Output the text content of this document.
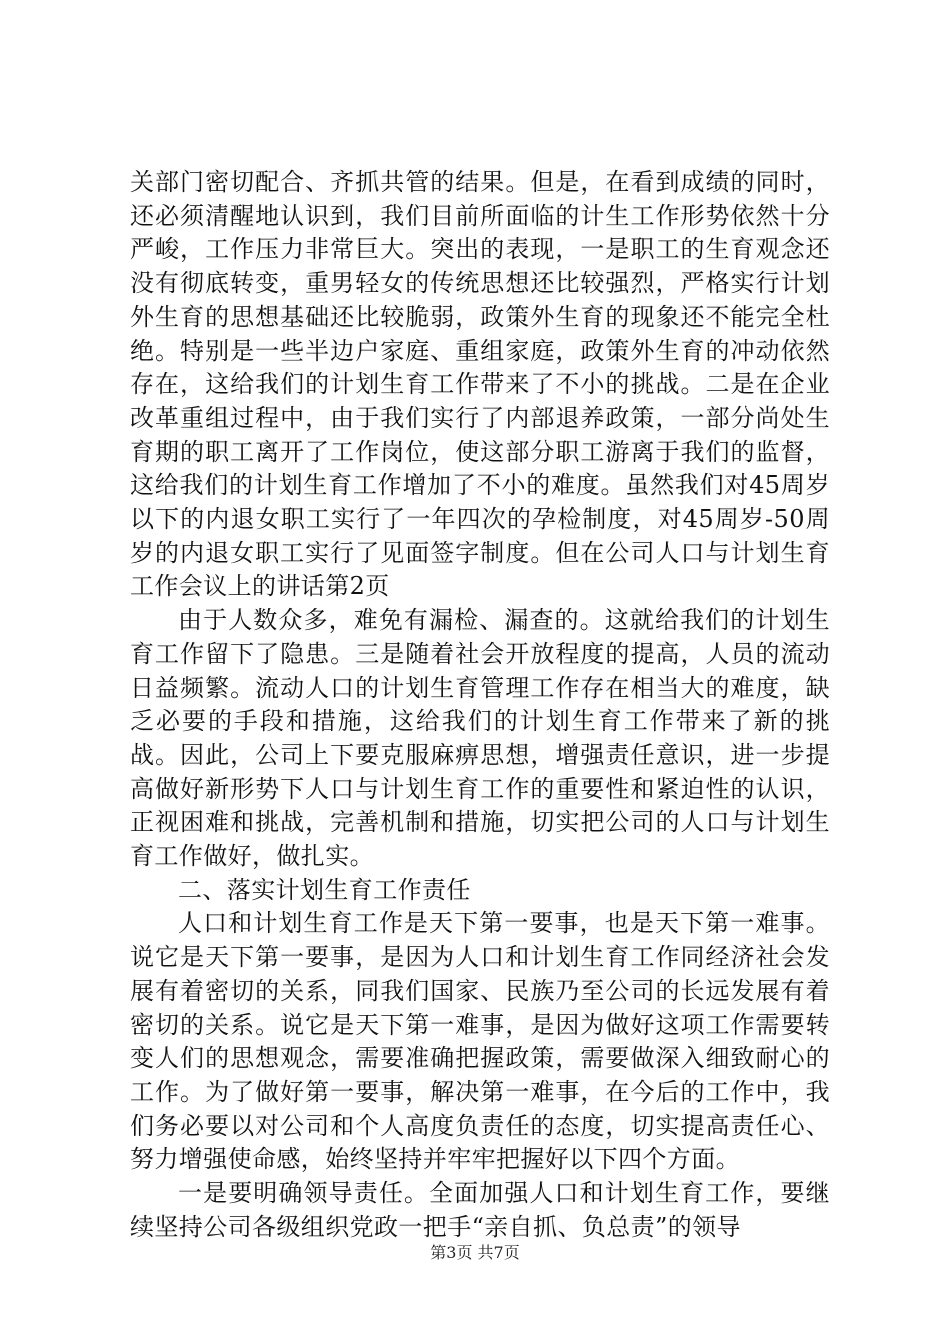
关部门密切配合、齐抓共管的结果。但是，在看到成绩的同时，还必须清醒地认识到，我们目前所面临的计生工作形势依然十分严峻，工作压力非常巨大。突出的表现，一是职工的生育观念还没有彻底转变，重男轻女的传统思想还比较强烈，严格实行计划外生育的思想基础还比较脆弱，政策外生育的现象还不能完全杜绝。特别是一些半边户家庭、重组家庭，政策外生育的冲动依然存在，这给我们的计划生育工作带来了不小的挑战。二是在企业改革重组过程中，由于我们实行了内部退养政策，一部分尚处生育期的职工离开了工作岗位，使这部分职工游离于我们的监督，这给我们的计划生育工作增加了不小的难度。虽然我们对45周岁以下的内退女职工实行了一年四次的孕检制度，对45周岁-50周岁的内退女职工实行了见面签字制度。但在公司人口与计划生育工作会议上的讲话第2页

由于人数众多，难免有漏检、漏查的。这就给我们的计划生育工作留下了隐患。三是随着社会开放程度的提高，人员的流动日益频繁。流动人口的计划生育管理工作存在相当大的难度，缺乏必要的手段和措施，这给我们的计划生育工作带来了新的挑战。因此，公司上下要克服麻痹思想，增强责任意识，进一步提高做好新形势下人口与计划生育工作的重要性和紧迫性的认识，正视困难和挑战，完善机制和措施，切实把公司的人口与计划生育工作做好，做扎实。

二、落实计划生育工作责任

人口和计划生育工作是天下第一要事，也是天下第一难事。说它是天下第一要事，是因为人口和计划生育工作同经济社会发展有着密切的关系，同我们国家、民族乃至公司的长远发展有着密切的关系。说它是天下第一难事，是因为做好这项工作需要转变人们的思想观念，需要准确把握政策，需要做深入细致耐心的工作。为了做好第一要事，解决第一难事，在今后的工作中，我们务必要以对公司和个人高度负责任的态度，切实提高责任心、努力增强使命感，始终坚持并牢牢把握好以下四个方面。

一是要明确领导责任。全面加强人口和计划生育工作，要继续坚持公司各级组织党政一把手“亲自抓、负总责”的领导

第3页 共7页
